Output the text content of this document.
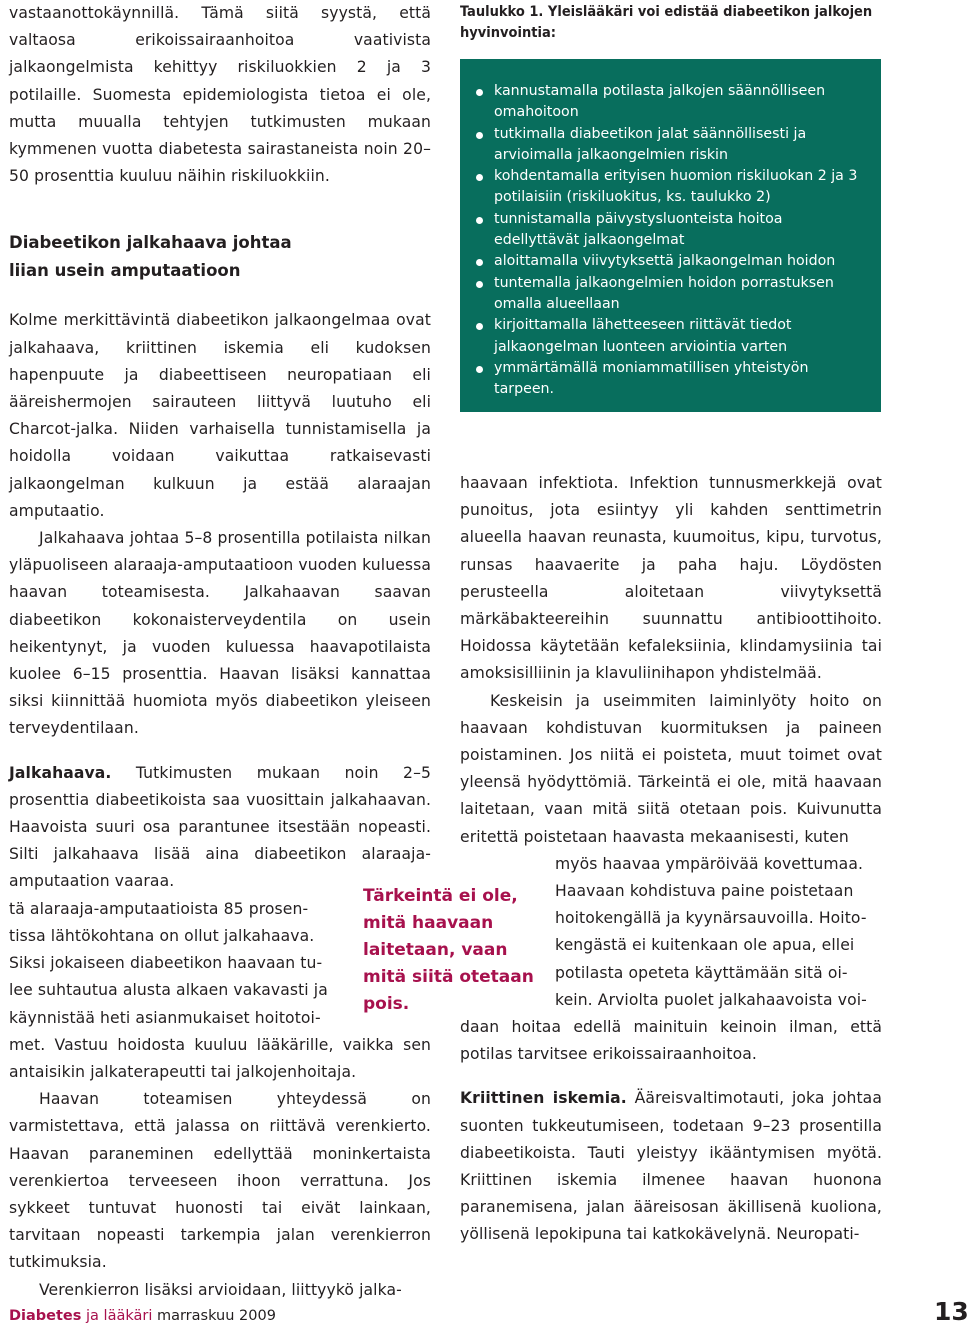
vastaanottokäynnillä. Tämä siitä syystä, että valtaosa erikoissairaanhoitoa vaativista jalkaongelmista kehittyy riskiluokkien 2 ja 3 potilaille. Suomesta epidemiologista tietoa ei ole, mutta muualla tehtyjen tutkimusten mukaan kymmenen vuotta diabetesta sairastaneista noin 20–50 prosenttia kuuluu näihin riskiluokkiin.

Diabeetikon jalkahaava johtaa

liian usein amputaatioon

Kolme merkittävintä diabeetikon jalkaongelmaa ovat jalkahaava, kriittinen iskemia eli kudoksen hapenpuute ja diabeettiseen neuropatiaan eli ääreishermojen sairauteen liittyvä luutuho eli Charcot-jalka. Niiden varhaisella tunnistamisella ja hoidolla voidaan vaikuttaa ratkaisevasti jalkaongelman kulkuun ja estää alaraajan amputaatio.

Jalkahaava johtaa 5–8 prosentilla potilaista nilkan yläpuoliseen alaraaja-amputaatioon vuoden kuluessa haavan toteamisesta. Jalkahaavan saavan diabeetikon kokonaisterveydentila on usein heikentynyt, ja vuoden kuluessa haavapotilaista kuolee 6–15 prosenttia. Haavan lisäksi kannattaa siksi kiinnittää huomiota myös diabeetikon yleiseen terveydentilaan.

Jalkahaava. Tutkimusten mukaan noin 2–5 prosenttia diabeetikoista saa vuosittain jalkahaavan. Haavoista suuri osa parantunee itsestään nopeasti. Silti jalkahaava lisää aina diabeetikon alaraaja-amputaation vaaraa.

tä alaraaja-amputaatioista 85 prosen-

tissa lähtökohtana on ollut jalkahaava.

Siksi jokaiseen diabeetikon haavaan tu-

lee suhtautua alusta alkaen vakavasti ja

käynnistää heti asianmukaiset hoitotoi-

met. Vastuu hoidosta kuuluu lääkärille, vaikka sen antaisikin jalkaterapeutti tai jalkojenhoitaja.

Haavan toteamisen yhteydessä on varmistettava, että jalassa on riittävä verenkierto. Haavan paraneminen edellyttää moninkertaista verenkiertoa terveeseen ihoon verrattuna. Jos sykkeet tuntuvat huonosti tai eivät lainkaan, tarvitaan nopeasti tarkempia jalan verenkierron tutkimuksia.

Verenkierron lisäksi arvioidaan, liittyykö jalka-

Taulukko 1. Yleislääkäri voi edistää diabeetikon jalkojen hyvinvointia:
kannustamalla potilasta jalkojen säännölliseen omahoitoon
tutkimalla diabeetikon jalat säännöllisesti ja arvioimalla jalkaongelmien riskin
kohdentamalla erityisen huomion riskiluokan 2 ja 3 potilaisiin (riskiluokitus, ks. taulukko 2)
tunnistamalla päivystysluonteista hoitoa edellyttävät jalkaongelmat
aloittamalla viivytyksettä jalkaongelman hoidon
tuntemalla jalkaongelmien hoidon porrastuksen omalla alueellaan
kirjoittamalla lähetteeseen riittävät tiedot jalkaongelman luonteen arviointia varten
ymmärtämällä moniammatillisen yhteistyön tarpeen.

haavaan infektiota. Infektion tunnusmerkkejä ovat punoitus, jota esiintyy yli kahden senttimetrin alueella haavan reunasta, kuumoitus, kipu, turvotus, runsas haavaerite ja paha haju. Löydösten perusteella aloitetaan viivytyksettä märkäbakteereihin suunnattu antibioottihoito. Hoidossa käytetään kefaleksiinia, klindamysiinia tai amoksisilliinin ja klavuliinihapon yhdistelmää.

Keskeisin ja useimmiten laiminlyöty hoito on haavaan kohdistuvan kuormituksen ja paineen poistaminen. Jos niitä ei poisteta, muut toimet ovat yleensä hyödyttömiä. Tärkeintä ei ole, mitä haavaan laitetaan, vaan mitä siitä otetaan pois. Kuivunutta eritettä poistetaan haavasta mekaanisesti, kuten

myös haavaa ympäröivää kovettumaa.

Haavaan kohdistuva paine poistetaan

hoitokengällä ja kyynärsauvoilla. Hoito-

kengästä ei kuitenkaan ole apua, ellei

potilasta opeteta käyttämään sitä oi-

kein. Arviolta puolet jalkahaavoista voi-

daan hoitaa edellä mainituin keinoin ilman, että potilas tarvitsee erikoissairaanhoitoa.

Kriittinen iskemia. Ääreisvaltimotauti, joka johtaa suonten tukkeutumiseen, todetaan 9–23 prosentilla diabeetikoista. Tauti yleistyy ikääntymisen myötä. Kriittinen iskemia ilmenee haavan huonona paranemisena, jalan ääreisosan äkillisenä kuoliona, yöllisenä lepokipuna tai katkokävelynä. Neuropati-

Tärkeintä ei ole, mitä haavaan laitetaan, vaan mitä siitä otetaan pois.
Diabetes ja lääkäri marraskuu 2009	13
